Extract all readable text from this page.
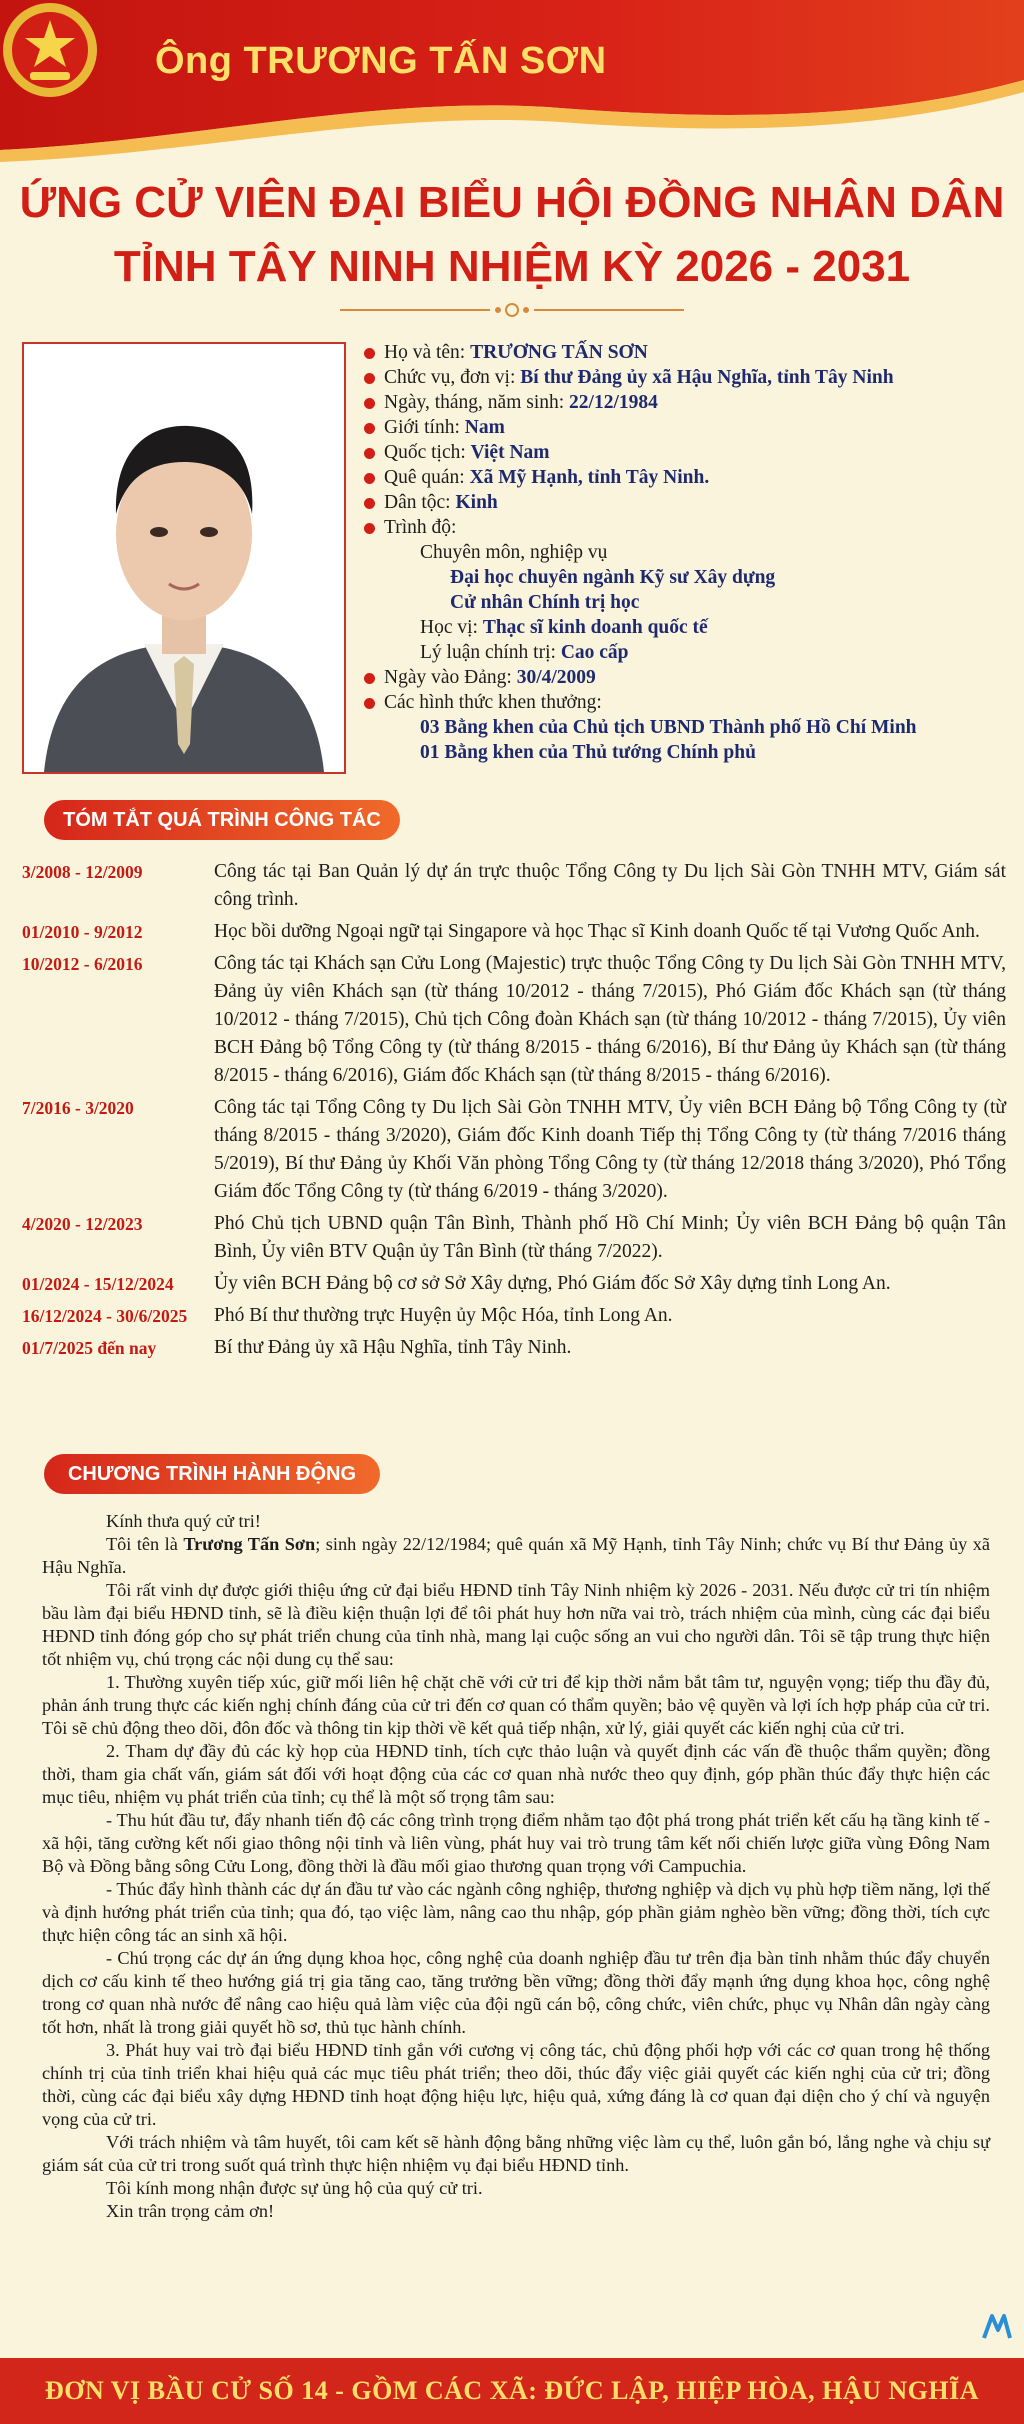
Ông TRƯƠNG TẤN SƠN
ỨNG CỬ VIÊN ĐẠI BIỂU HỘI ĐỒNG NHÂN DÂN
TỈNH TÂY NINH NHIỆM KỲ 2026 - 2031
Họ và tên: TRƯƠNG TẤN SƠN
Chức vụ, đơn vị: Bí thư Đảng ủy xã Hậu Nghĩa, tỉnh Tây Ninh
Ngày, tháng, năm sinh: 22/12/1984
Giới tính: Nam
Quốc tịch: Việt Nam
Quê quán: Xã Mỹ Hạnh, tỉnh Tây Ninh.
Dân tộc: Kinh
Trình độ:
Chuyên môn, nghiệp vụ
Đại học chuyên ngành Kỹ sư Xây dựng
Cử nhân Chính trị học
Học vị: Thạc sĩ kinh doanh quốc tế
Lý luận chính trị: Cao cấp
Ngày vào Đảng: 30/4/2009
Các hình thức khen thưởng:
03 Bằng khen của Chủ tịch UBND Thành phố Hồ Chí Minh
01 Bằng khen của Thủ tướng Chính phủ
TÓM TẮT QUÁ TRÌNH CÔNG TÁC
3/2008 - 12/2009	Công tác tại Ban Quản lý dự án trực thuộc Tổng Công ty Du lịch Sài Gòn TNHH MTV, Giám sát công trình.
01/2010 - 9/2012	Học bồi dưỡng Ngoại ngữ tại Singapore và học Thạc sĩ Kinh doanh Quốc tế tại Vương Quốc Anh.
10/2012 - 6/2016	Công tác tại Khách sạn Cửu Long (Majestic) trực thuộc Tổng Công ty Du lịch Sài Gòn TNHH MTV, Đảng ủy viên Khách sạn (từ tháng 10/2012 - tháng 7/2015), Phó Giám đốc Khách sạn (từ tháng 10/2012 - tháng 7/2015), Chủ tịch Công đoàn Khách sạn (từ tháng 10/2012 - tháng 7/2015), Ủy viên BCH Đảng bộ Tổng Công ty (từ tháng 8/2015 - tháng 6/2016), Bí thư Đảng ủy Khách sạn (từ tháng 8/2015 - tháng 6/2016), Giám đốc Khách sạn (từ tháng 8/2015 - tháng 6/2016).
7/2016 - 3/2020	Công tác tại Tổng Công ty Du lịch Sài Gòn TNHH MTV, Ủy viên BCH Đảng bộ Tổng Công ty (từ tháng 8/2015 - tháng 3/2020), Giám đốc Kinh doanh Tiếp thị Tổng Công ty (từ tháng 7/2016 tháng 5/2019), Bí thư Đảng ủy Khối Văn phòng Tổng Công ty (từ tháng 12/2018 tháng 3/2020), Phó Tổng Giám đốc Tổng Công ty (từ tháng 6/2019 - tháng 3/2020).
4/2020 - 12/2023	Phó Chủ tịch UBND quận Tân Bình, Thành phố Hồ Chí Minh; Ủy viên BCH Đảng bộ quận Tân Bình, Ủy viên BTV Quận ủy Tân Bình (từ tháng 7/2022).
01/2024 - 15/12/2024	Ủy viên BCH Đảng bộ cơ sở Sở Xây dựng, Phó Giám đốc Sở Xây dựng tỉnh Long An.
16/12/2024 - 30/6/2025	Phó Bí thư thường trực Huyện ủy Mộc Hóa, tỉnh Long An.
01/7/2025 đến nay	Bí thư Đảng ủy xã Hậu Nghĩa, tỉnh Tây Ninh.
CHƯƠNG TRÌNH HÀNH ĐỘNG

Kính thưa quý cử tri!

Tôi tên là Trương Tấn Sơn; sinh ngày 22/12/1984; quê quán xã Mỹ Hạnh, tỉnh Tây Ninh; chức vụ Bí thư Đảng ủy xã Hậu Nghĩa.

Tôi rất vinh dự được giới thiệu ứng cử đại biểu HĐND tỉnh Tây Ninh nhiệm kỳ 2026 - 2031. Nếu được cử tri tín nhiệm bầu làm đại biểu HĐND tỉnh, sẽ là điều kiện thuận lợi để tôi phát huy hơn nữa vai trò, trách nhiệm của mình, cùng các đại biểu HĐND tỉnh đóng góp cho sự phát triển chung của tỉnh nhà, mang lại cuộc sống an vui cho người dân. Tôi sẽ tập trung thực hiện tốt nhiệm vụ, chú trọng các nội dung cụ thể sau:

1. Thường xuyên tiếp xúc, giữ mối liên hệ chặt chẽ với cử tri để kịp thời nắm bắt tâm tư, nguyện vọng; tiếp thu đầy đủ, phản ánh trung thực các kiến nghị chính đáng của cử tri đến cơ quan có thẩm quyền; bảo vệ quyền và lợi ích hợp pháp của cử tri. Tôi sẽ chủ động theo dõi, đôn đốc và thông tin kịp thời về kết quả tiếp nhận, xử lý, giải quyết các kiến nghị của cử tri.

2. Tham dự đầy đủ các kỳ họp của HĐND tỉnh, tích cực thảo luận và quyết định các vấn đề thuộc thẩm quyền; đồng thời, tham gia chất vấn, giám sát đối với hoạt động của các cơ quan nhà nước theo quy định, góp phần thúc đẩy thực hiện các mục tiêu, nhiệm vụ phát triển của tỉnh; cụ thể là một số trọng tâm sau:

- Thu hút đầu tư, đẩy nhanh tiến độ các công trình trọng điểm nhằm tạo đột phá trong phát triển kết cấu hạ tầng kinh tế - xã hội, tăng cường kết nối giao thông nội tỉnh và liên vùng, phát huy vai trò trung tâm kết nối chiến lược giữa vùng Đông Nam Bộ và Đồng bằng sông Cửu Long, đồng thời là đầu mối giao thương quan trọng với Campuchia.

- Thúc đẩy hình thành các dự án đầu tư vào các ngành công nghiệp, thương nghiệp và dịch vụ phù hợp tiềm năng, lợi thế và định hướng phát triển của tỉnh; qua đó, tạo việc làm, nâng cao thu nhập, góp phần giảm nghèo bền vững; đồng thời, tích cực thực hiện công tác an sinh xã hội.

- Chú trọng các dự án ứng dụng khoa học, công nghệ của doanh nghiệp đầu tư trên địa bàn tỉnh nhằm thúc đẩy chuyển dịch cơ cấu kinh tế theo hướng giá trị gia tăng cao, tăng trưởng bền vững; đồng thời đẩy mạnh ứng dụng khoa học, công nghệ trong cơ quan nhà nước để nâng cao hiệu quả làm việc của đội ngũ cán bộ, công chức, viên chức, phục vụ Nhân dân ngày càng tốt hơn, nhất là trong giải quyết hồ sơ, thủ tục hành chính.

3. Phát huy vai trò đại biểu HĐND tỉnh gắn với cương vị công tác, chủ động phối hợp với các cơ quan trong hệ thống chính trị của tỉnh triển khai hiệu quả các mục tiêu phát triển; theo dõi, thúc đẩy việc giải quyết các kiến nghị của cử tri; đồng thời, cùng các đại biểu xây dựng HĐND tỉnh hoạt động hiệu lực, hiệu quả, xứng đáng là cơ quan đại diện cho ý chí và nguyện vọng của cử tri.

Với trách nhiệm và tâm huyết, tôi cam kết sẽ hành động bằng những việc làm cụ thể, luôn gắn bó, lắng nghe và chịu sự giám sát của cử tri trong suốt quá trình thực hiện nhiệm vụ đại biểu HĐND tỉnh.

Tôi kính mong nhận được sự ủng hộ của quý cử tri.

Xin trân trọng cảm ơn!

ĐƠN VỊ BẦU CỬ SỐ 14 - GỒM CÁC XÃ: ĐỨC LẬP, HIỆP HÒA, HẬU NGHĨA
